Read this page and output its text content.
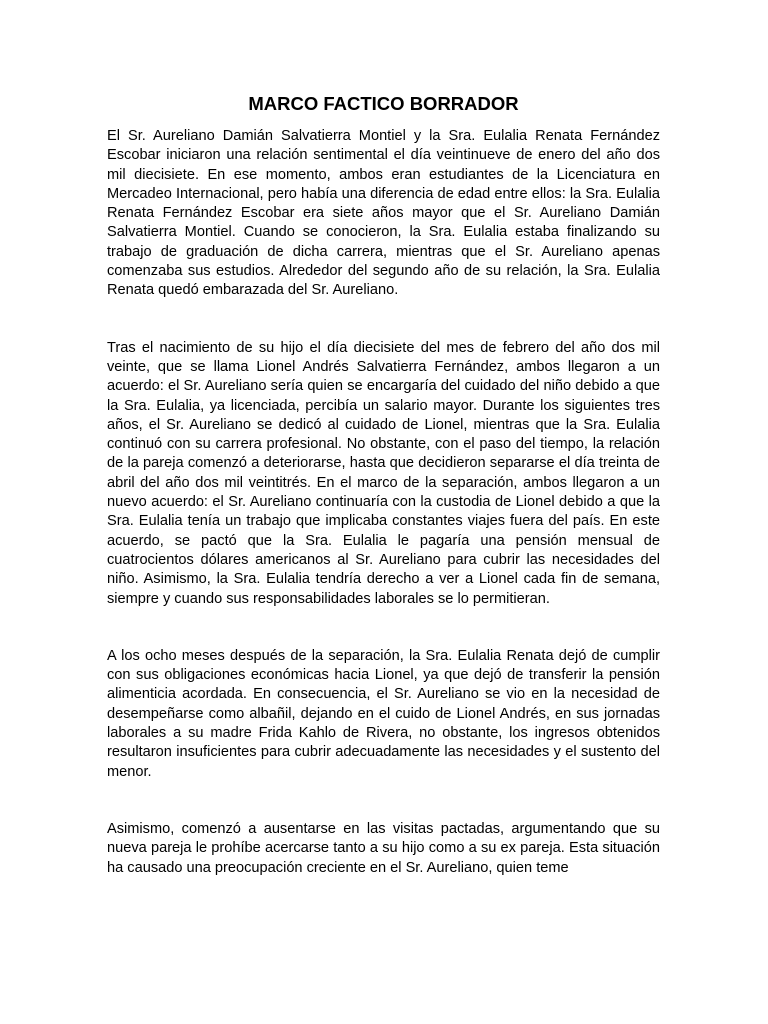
MARCO FACTICO BORRADOR

El Sr. Aureliano Damián Salvatierra Montiel y la Sra. Eulalia Renata Fernández Escobar iniciaron una relación sentimental el día veintinueve de enero del año dos mil diecisiete. En ese momento, ambos eran estudiantes de la Licenciatura en Mercadeo Internacional, pero había una diferencia de edad entre ellos: la Sra. Eulalia Renata Fernández Escobar era siete años mayor que el Sr. Aureliano Damián Salvatierra Montiel. Cuando se conocieron, la Sra. Eulalia estaba finalizando su trabajo de graduación de dicha carrera, mientras que el Sr. Aureliano apenas comenzaba sus estudios. Alrededor del segundo año de su relación, la Sra. Eulalia Renata quedó embarazada del Sr. Aureliano.

Tras el nacimiento de su hijo el día diecisiete del mes de febrero del año dos mil veinte, que se llama Lionel Andrés Salvatierra Fernández, ambos llegaron a un acuerdo: el Sr. Aureliano sería quien se encargaría del cuidado del niño debido a que la Sra. Eulalia, ya licenciada, percibía un salario mayor. Durante los siguientes tres años, el Sr. Aureliano se dedicó al cuidado de Lionel, mientras que la Sra. Eulalia continuó con su carrera profesional. No obstante, con el paso del tiempo, la relación de la pareja comenzó a deteriorarse, hasta que decidieron separarse el día treinta de abril del año dos mil veintitrés. En el marco de la separación, ambos llegaron a un nuevo acuerdo: el Sr. Aureliano continuaría con la custodia de Lionel debido a que la Sra. Eulalia tenía un trabajo que implicaba constantes viajes fuera del país. En este acuerdo, se pactó que la Sra. Eulalia le pagaría una pensión mensual de cuatrocientos dólares americanos al Sr. Aureliano para cubrir las necesidades del niño. Asimismo, la Sra. Eulalia tendría derecho a ver a Lionel cada fin de semana, siempre y cuando sus responsabilidades laborales se lo permitieran.

A los ocho meses después de la separación, la Sra. Eulalia Renata dejó de cumplir con sus obligaciones económicas hacia Lionel, ya que dejó de transferir la pensión alimenticia acordada. En consecuencia, el Sr. Aureliano se vio en la necesidad de desempeñarse como albañil, dejando en el cuido de Lionel Andrés, en sus jornadas laborales a su madre Frida Kahlo de Rivera, no obstante, los ingresos obtenidos resultaron insuficientes para cubrir adecuadamente las necesidades y el sustento del menor.

Asimismo, comenzó a ausentarse en las visitas pactadas, argumentando que su nueva pareja le prohíbe acercarse tanto a su hijo como a su ex pareja. Esta situación ha causado una preocupación creciente en el Sr. Aureliano, quien teme
